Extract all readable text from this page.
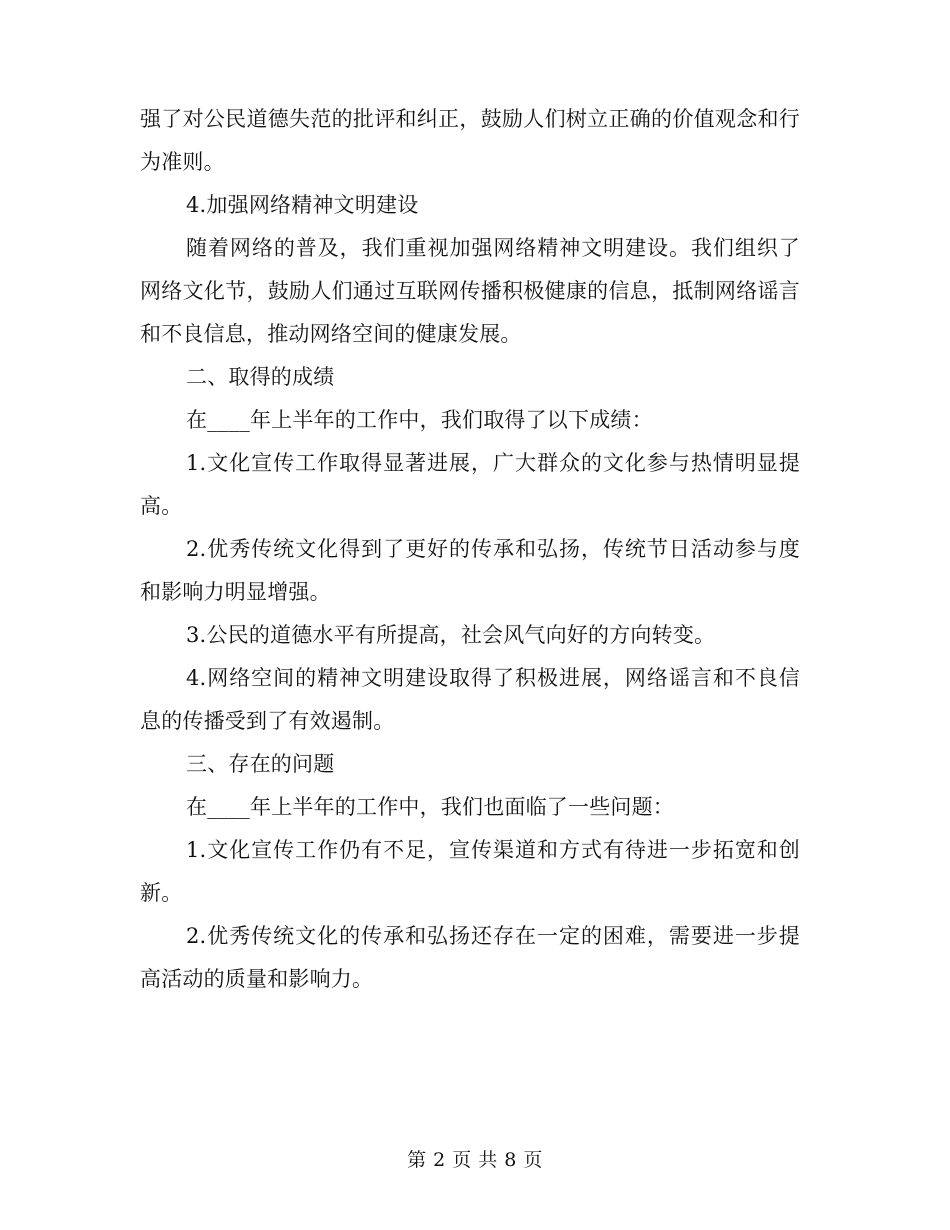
强了对公民道德失范的批评和纠正，鼓励人们树立正确的价值观念和行为准则。

4.加强网络精神文明建设

随着网络的普及，我们重视加强网络精神文明建设。我们组织了网络文化节，鼓励人们通过互联网传播积极健康的信息，抵制网络谣言和不良信息，推动网络空间的健康发展。

二、取得的成绩

在____年上半年的工作中，我们取得了以下成绩：

1.文化宣传工作取得显著进展，广大群众的文化参与热情明显提高。

2.优秀传统文化得到了更好的传承和弘扬，传统节日活动参与度和影响力明显增强。

3.公民的道德水平有所提高，社会风气向好的方向转变。

4.网络空间的精神文明建设取得了积极进展，网络谣言和不良信息的传播受到了有效遏制。

三、存在的问题

在____年上半年的工作中，我们也面临了一些问题：

1.文化宣传工作仍有不足，宣传渠道和方式有待进一步拓宽和创新。

2.优秀传统文化的传承和弘扬还存在一定的困难，需要进一步提高活动的质量和影响力。

第 2 页 共 8 页
